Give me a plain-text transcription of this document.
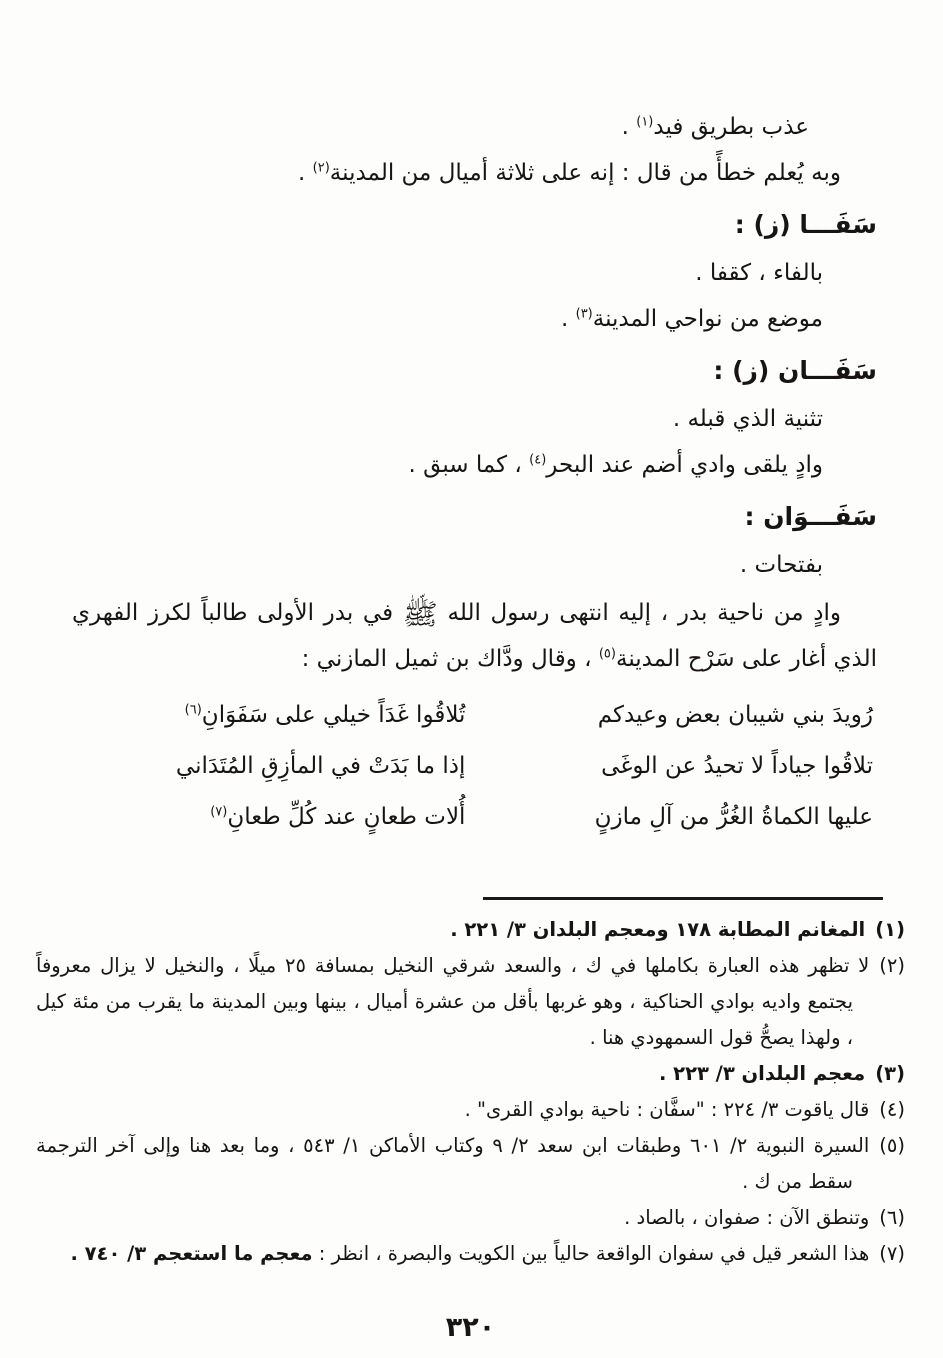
عذب بطريق فيد$^{(١)}$ .

وبه يُعلم خطأً من قال : إنه على ثلاثة أميال من المدينة$^{(٢)}$ .

سَفَـــا (ز) :

بالفاء ، كقفا .

موضع من نواحي المدينة$^{(٣)}$ .

سَفَـــان (ز) :

تثنية الذي قبله .

وادٍ يلقى وادي أضم عند البحر$^{(٤)}$ ، كما سبق .

سَفَـــوَان :

بفتحات .

وادٍ من ناحية بدر ، إليه انتهى رسول الله ﷺ في بدر الأولى طالباً لكرز الفهري الذي أغار على سَرْح المدينة$^{(٥)}$ ، وقال ودَّاك بن ثميل المازني :

رُويدَ بني شيبان بعض وعيدكم
تُلاقُوا غَدَاً خيلي على سَفَوَانِ$^{(٦)}$
تلاقُوا جياداً لا تحيدُ عن الوغَى
إذا ما بَدَتْ في المأزِقِ المُتَدَاني
عليها الكماةُ الغُرُّ من آلِ مازنٍ
أُلات طعانٍ عند كُلِّ طعانِ$^{(٧)}$
(١)المغانم المطابة ١٧٨ ومعجم البلدان ٣/ ٢٢١ .
(٢)لا تظهر هذه العبارة بكاملها في ك ، والسعد شرقي النخيل بمسافة ٢٥ ميلًا ، والنخيل لا يزال معروفاً يجتمع واديه بوادي الحناكية ، وهو غربها بأقل من عشرة أميال ، بينها وبين المدينة ما يقرب من مئة كيل ، ولهذا يصحُّ قول السمهودي هنا .
(٣)معجم البلدان ٣/ ٢٢٣ .
(٤)قال ياقوت ٣/ ٢٢٤ : "سفَّان : ناحية بوادي القرى" .
(٥)السيرة النبوية ٢/ ٦٠١ وطبقات ابن سعد ٢/ ٩ وكتاب الأماكن ١/ ٥٤٣ ، وما بعد هنا وإلى آخر الترجمة سقط من ك .
(٦)وتنطق الآن : صفوان ، بالصاد .
(٧)هذا الشعر قيل في سفوان الواقعة حالياً بين الكويت والبصرة ، انظر : معجم ما استعجم ٣/ ٧٤٠ .
٣٢٠
